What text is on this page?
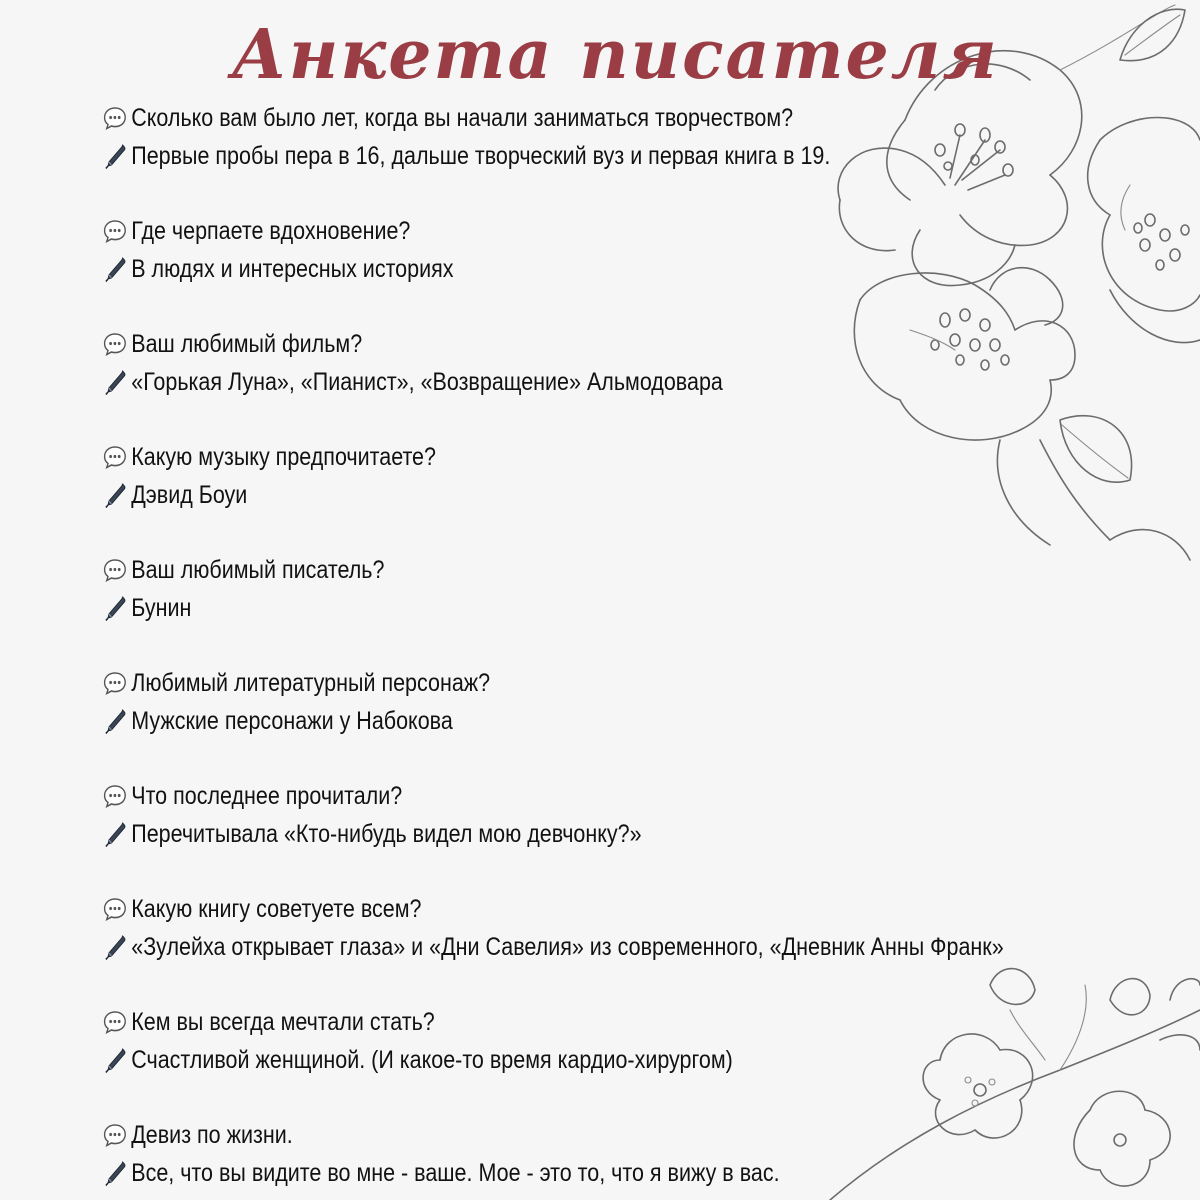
Анкета писателя
Сколько вам было лет, когда вы начали заниматься творчеством?
Первые пробы пера в 16, дальше творческий вуз и первая книга в 19.
Где черпаете вдохновение?
В людях и интересных историях
Ваш любимый фильм?
«Горькая Луна», «Пианист», «Возвращение» Альмодовара
Какую музыку предпочитаете?
Дэвид Боуи
Ваш любимый писатель?
Бунин
Любимый литературный персонаж?
Мужские персонажи у Набокова
Что последнее прочитали?
Перечитывала «Кто-нибудь видел мою девчонку?»
Какую книгу советуете всем?
«Зулейха открывает глаза» и «Дни Савелия» из современного, «Дневник Анны Франк»
Кем вы всегда мечтали стать?
Счастливой женщиной. (И какое-то время кардио-хирургом)
Девиз по жизни.
Все, что вы видите во мне - ваше. Мое - это то, что я вижу в вас.
